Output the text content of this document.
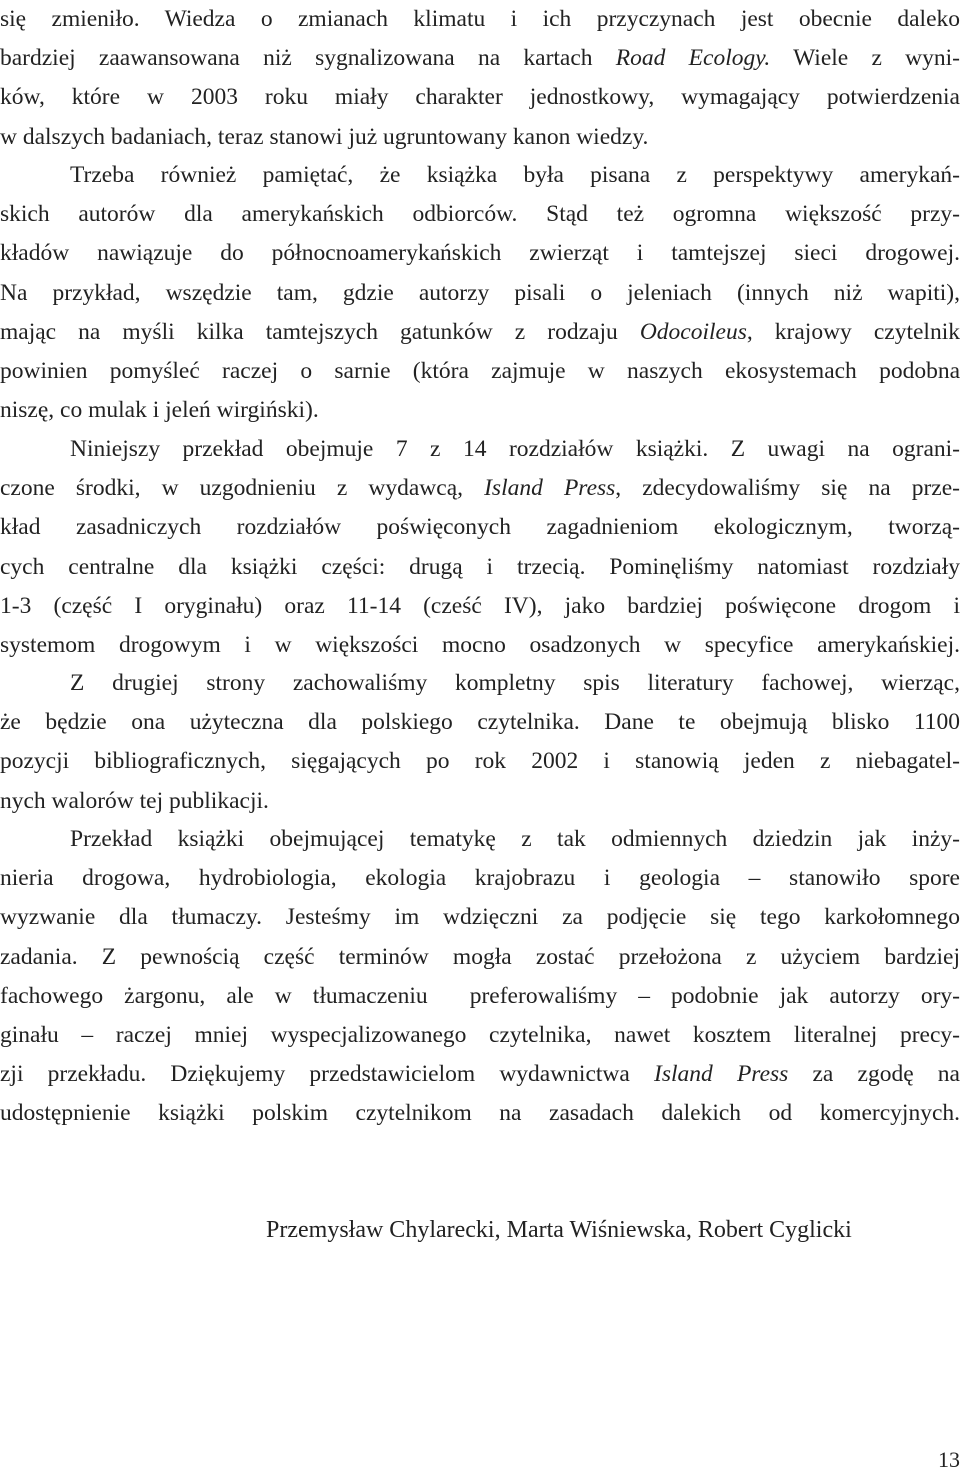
się zmieniło. Wiedza o zmianach klimatu i ich przyczynach jest obecnie daleko
bardziej zaawansowana niż sygnalizowana na kartach Road Ecology. Wiele z wyni-
ków, które w 2003 roku miały charakter jednostkowy, wymagający potwierdzenia
w dalszych badaniach, teraz stanowi już ugruntowany kanon wiedzy.
Trzeba również pamiętać, że książka była pisana z perspektywy amerykań-
skich autorów dla amerykańskich odbiorców. Stąd też ogromna większość przy-
kładów nawiązuje do północnoamerykańskich zwierząt i tamtejszej sieci drogowej.
Na przykład, wszędzie tam, gdzie autorzy pisali o jeleniach (innych niż wapiti),
mając na myśli kilka tamtejszych gatunków z rodzaju Odocoileus, krajowy czytelnik
powinien pomyśleć raczej o sarnie (która zajmuje w naszych ekosystemach podobna
niszę, co mulak i jeleń wirgiński).
Niniejszy przekład obejmuje 7 z 14 rozdziałów książki. Z uwagi na ograni-
czone środki, w uzgodnieniu z wydawcą, Island Press, zdecydowaliśmy się na prze-
kład zasadniczych rozdziałów poświęconych zagadnieniom ekologicznym, tworzą-
cych centralne dla książki części: drugą i trzecią. Pominęliśmy natomiast rozdziały
1-3 (część I oryginału) oraz 11-14 (cześć IV), jako bardziej poświęcone drogom i
systemom drogowym i w większości mocno osadzonych w specyfice amerykańskiej.
Z drugiej strony zachowaliśmy kompletny spis literatury fachowej, wierząc,
że będzie ona użyteczna dla polskiego czytelnika. Dane te obejmują blisko 1100
pozycji bibliograficznych, sięgających po rok 2002 i stanowią jeden z niebagatel-
nych walorów tej publikacji.
Przekład książki obejmującej tematykę z tak odmiennych dziedzin jak inży-
nieria drogowa, hydrobiologia, ekologia krajobrazu i geologia – stanowiło spore
wyzwanie dla tłumaczy. Jesteśmy im wdzięczni za podjęcie się tego karkołomnego
zadania. Z pewnością część terminów mogła zostać przełożona z użyciem bardziej
fachowego żargonu, ale w tłumaczeniu  preferowaliśmy – podobnie jak autorzy ory-
ginału – raczej mniej wyspecjalizowanego czytelnika, nawet kosztem literalnej precy-
zji przekładu. Dziękujemy przedstawicielom wydawnictwa Island Press za zgodę na
udostępnienie książki polskim czytelnikom na zasadach dalekich od komercyjnych.
Przemysław Chylarecki, Marta Wiśniewska, Robert Cyglicki
13
